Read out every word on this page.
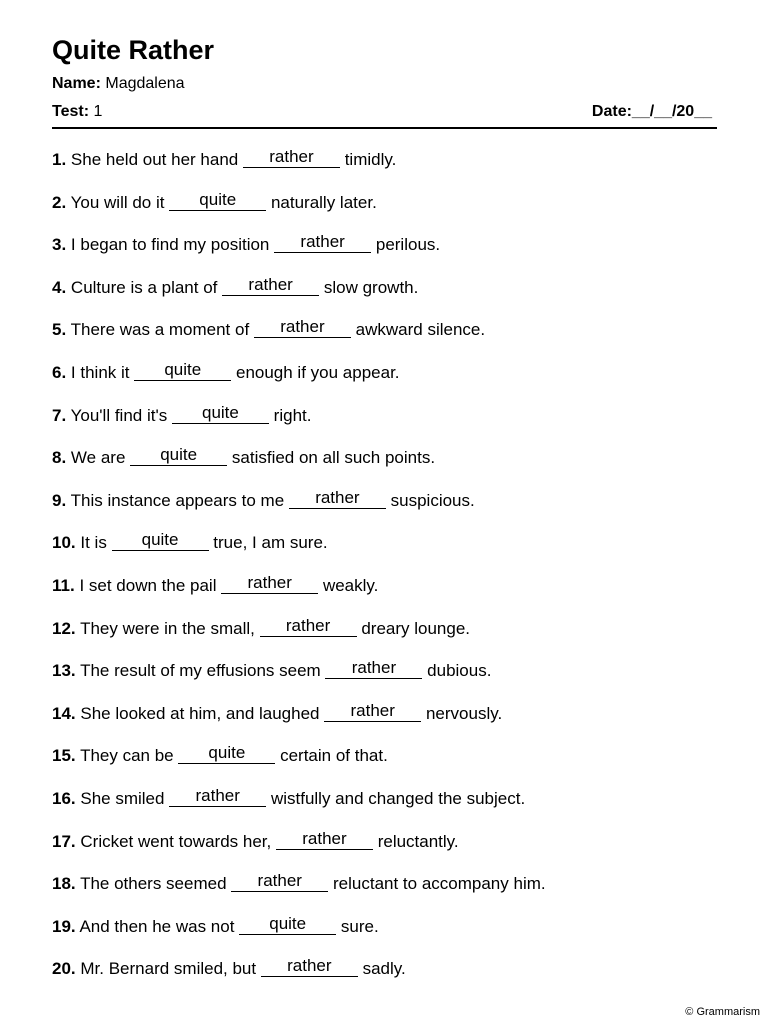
Quite Rather
Name: Magdalena
Test: 1	Date:__/__/20__
1. She held out her hand rather timidly.
2. You will do it quite naturally later.
3. I began to find my position rather perilous.
4. Culture is a plant of rather slow growth.
5. There was a moment of rather awkward silence.
6. I think it quite enough if you appear.
7. You'll find it's quite right.
8. We are quite satisfied on all such points.
9. This instance appears to me rather suspicious.
10. It is quite true, I am sure.
11. I set down the pail rather weakly.
12. They were in the small, rather dreary lounge.
13. The result of my effusions seem rather dubious.
14. She looked at him, and laughed rather nervously.
15. They can be quite certain of that.
16. She smiled rather wistfully and changed the subject.
17. Cricket went towards her, rather reluctantly.
18. The others seemed rather reluctant to accompany him.
19. And then he was not quite sure.
20. Mr. Bernard smiled, but rather sadly.
© Grammarism
